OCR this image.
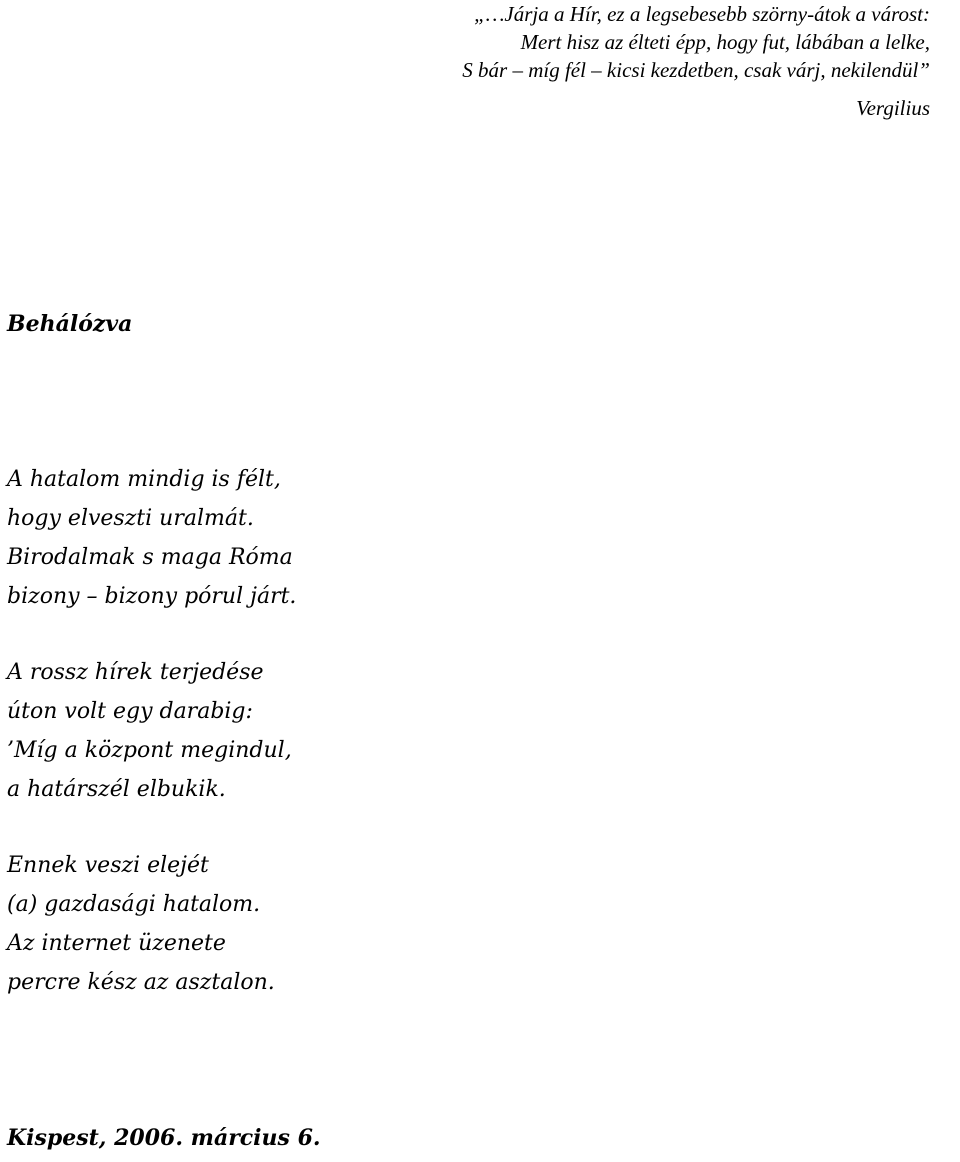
„…Járja a Hír, ez a legsebesebb szörny-átok a várost:
Mert hisz az élteti épp, hogy fut, lábában a lelke,
S bár – míg fél – kicsi kezdetben, csak várj, nekilendül”
Vergilius
Behálózva
A hatalom mindig is félt,
hogy elveszti uralmát.
Birodalmak s maga Róma
bizony – bizony pórul járt.
A rossz hírek terjedése
úton volt egy darabig:
’Míg a központ megindul,
a határszél elbukik.
Ennek veszi elejét
(a) gazdasági hatalom.
Az internet üzenete
percre kész az asztalon.

Kispest, 2006. március 6.
